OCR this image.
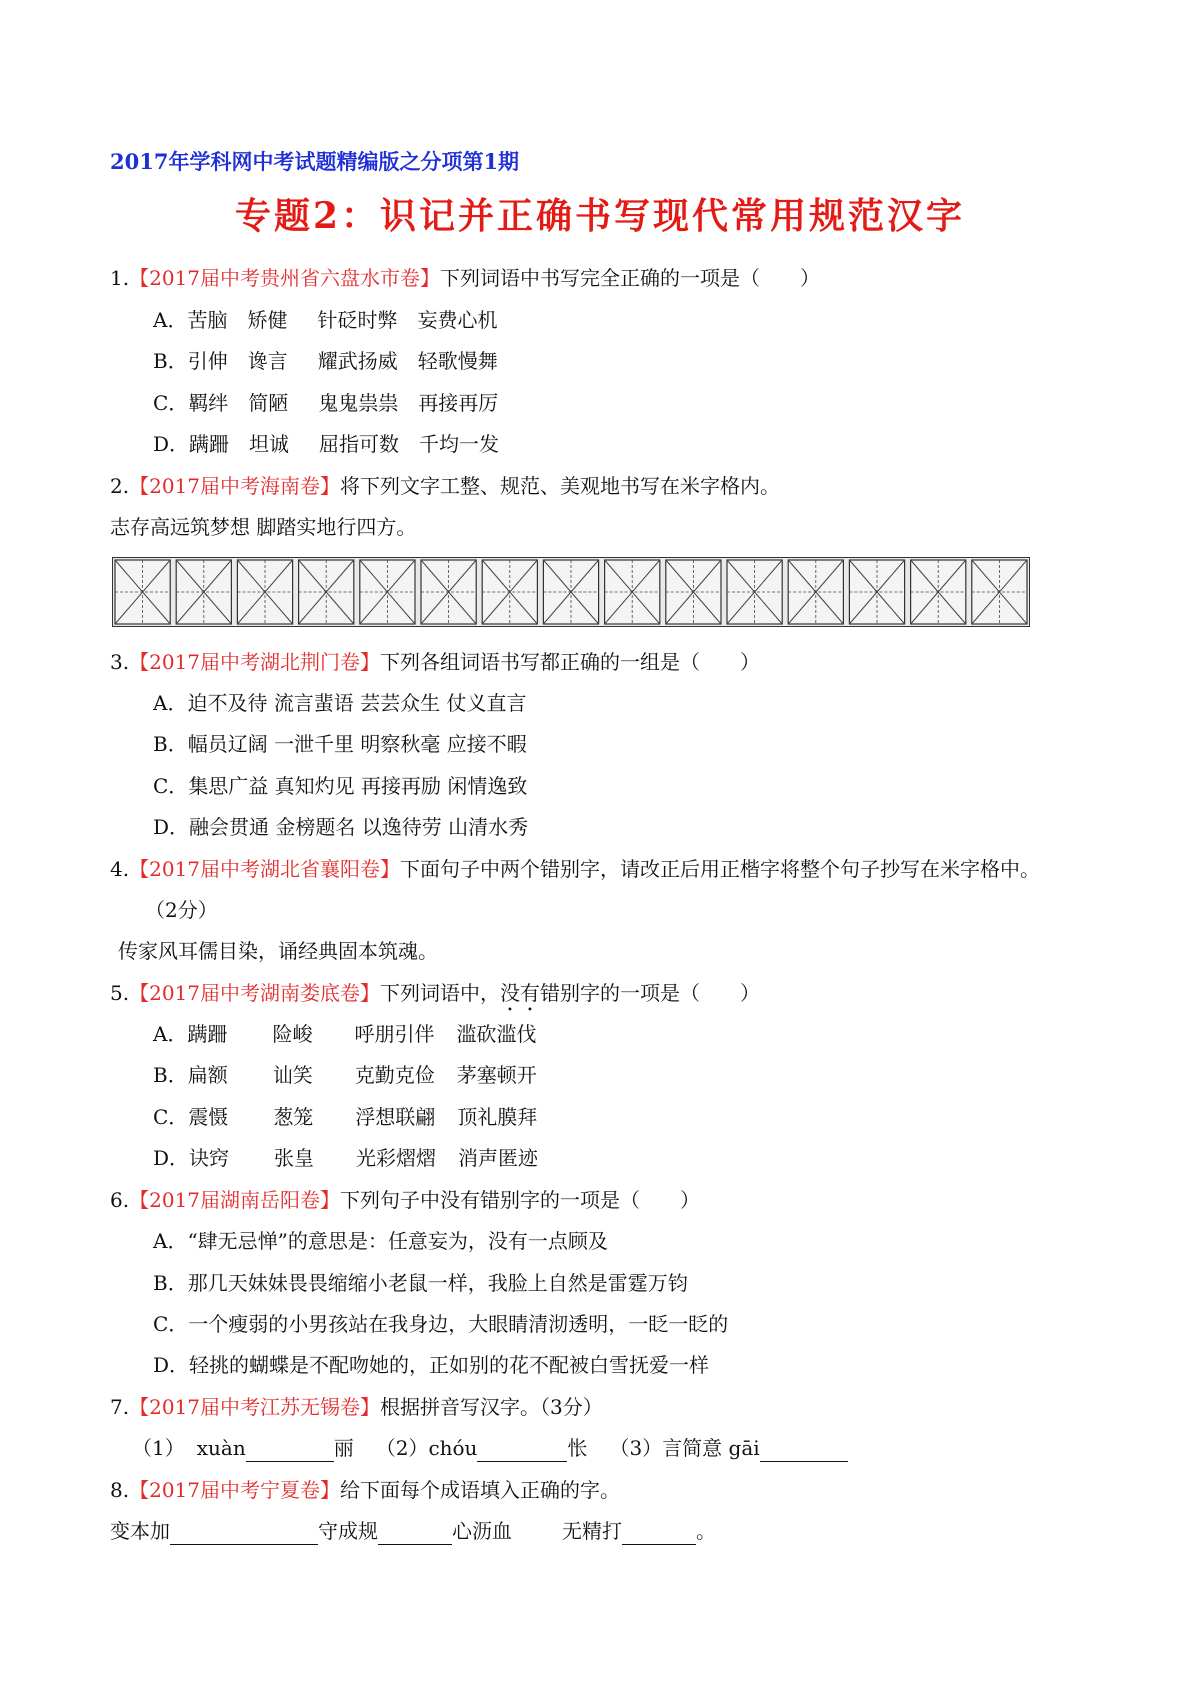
2017年学科网中考试题精编版之分项第1期
专题2：识记并正确书写现代常用规范汉字
1.【2017届中考贵州省六盘水市卷】下列词语中书写完全正确的一项是（　　）
A．苦脑 矫健 针砭时弊 妄费心机
B．引伸 谗言 耀武扬威 轻歌慢舞
C．羁绊 简陋 鬼鬼祟祟 再接再厉
D．蹒跚 坦诚 屈指可数 千均一发
2.【2017届中考海南卷】将下列文字工整、规范、美观地书写在米字格内。
志存高远筑梦想 脚踏实地行四方。
3.【2017届中考湖北荆门卷】下列各组词语书写都正确的一组是（　　）
A．迫不及待 流言蜚语 芸芸众生 仗义直言
B．幅员辽阔 一泄千里 明察秋毫 应接不暇
C．集思广益 真知灼见 再接再励 闲情逸致
D．融会贯通 金榜题名 以逸待劳 山清水秀
4.【2017届中考湖北省襄阳卷】下面句子中两个错别字，请改正后用正楷字将整个句子抄写在米字格中。
（2分）
传家风耳儒目染，诵经典固本筑魂。
5.【2017届中考湖南娄底卷】下列词语中，没有错别字的一项是（　　）
A．蹒跚 险峻 呼朋引伴 滥砍滥伐
B．扁额 讪笑 克勤克俭 茅塞顿开
C．震慑 葱笼 浮想联翩 顶礼膜拜
D．诀窍 张皇 光彩熠熠 消声匿迹
6.【2017届湖南岳阳卷】下列句子中没有错别字的一项是（　　）
A．“肆无忌惮”的意思是：任意妄为，没有一点顾及
B．那几天妹妹畏畏缩缩小老鼠一样，我脸上自然是雷霆万钧
C．一个瘦弱的小男孩站在我身边，大眼睛清沏透明，一眨一眨的
D．轻挑的蝴蝶是不配吻她的，正如别的花不配被白雪抚爱一样
7.【2017届中考江苏无锡卷】根据拼音写汉字。（3分）
（1） xuàn	丽 （2）chóu	怅 （3）言简意 gāi
8.【2017届中考宁夏卷】给下面每个成语填入正确的字。
变本加	守成规	心沥血	无精打	。
